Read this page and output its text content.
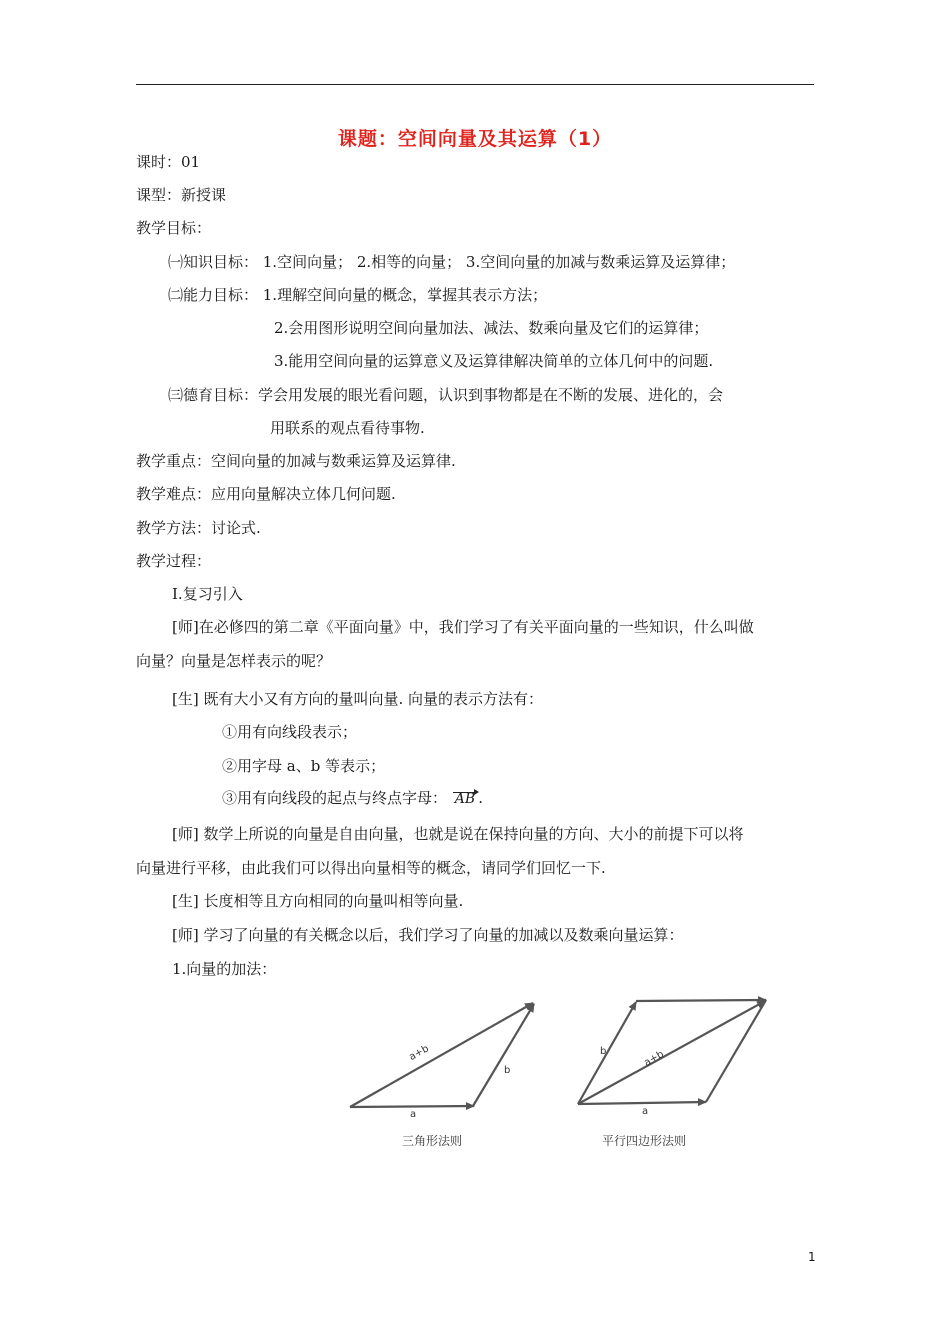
课题：空间向量及其运算（1）
课时：01
课型：新授课
教学目标：
㈠知识目标： 1.空间向量； 2.相等的向量； 3.空间向量的加减与数乘运算及运算律；
㈡能力目标： 1.理解空间向量的概念，掌握其表示方法；
2.会用图形说明空间向量加法、减法、数乘向量及它们的运算律；
3.能用空间向量的运算意义及运算律解决简单的立体几何中的问题.
㈢德育目标：学会用发展的眼光看问题，认识到事物都是在不断的发展、进化的，会
用联系的观点看待事物.
教学重点：空间向量的加减与数乘运算及运算律.
教学难点：应用向量解决立体几何问题.
教学方法：讨论式.
教学过程：
Ⅰ.复习引入
[师]在必修四的第二章《平面向量》中，我们学习了有关平面向量的一些知识，什么叫做
向量？向量是怎样表示的呢？
[生] 既有大小又有方向的量叫向量. 向量的表示方法有：
①用有向线段表示；
②用字母 a、b 等表示；
③用有向线段的起点与终点字母： AB .
[师] 数学上所说的向量是自由向量，也就是说在保持向量的方向、大小的前提下可以将
向量进行平移，由此我们可以得出向量相等的概念，请同学们回忆一下.
[生] 长度相等且方向相同的向量叫相等向量.
[师] 学习了向量的有关概念以后，我们学习了向量的加减以及数乘向量运算：
1.向量的加法：
a+b
b
a
b	a+b
a
三角形法则	平行四边形法则
1
